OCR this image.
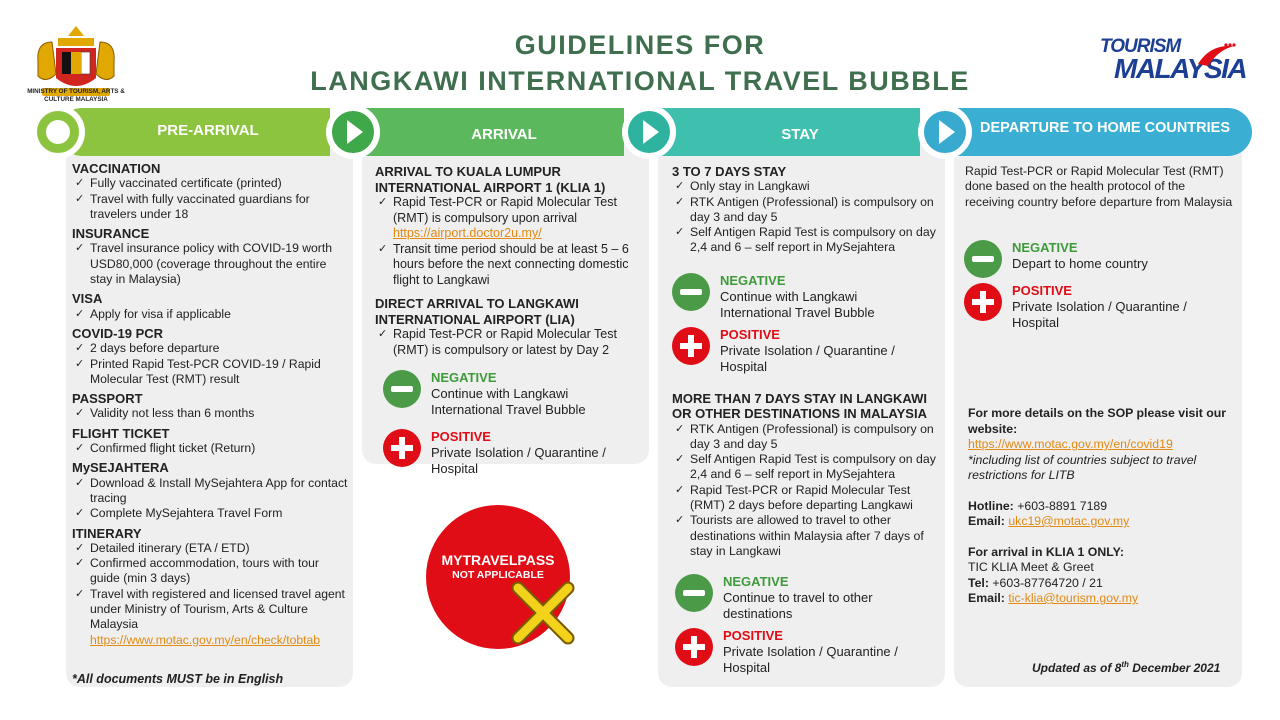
MINISTRY OF TOURISM, ARTS & CULTURE MALAYSIA
GUIDELINES FOR
LANGKAWI INTERNATIONAL TRAVEL BUBBLE
TOURISM
MALAYSIA
PRE-ARRIVAL	ARRIVAL	STAY	DEPARTURE TO HOME COUNTRIES
VACCINATION
✓ Fully vaccinated certificate (printed)
✓ Travel with fully vaccinated guardians for travelers under 18
INSURANCE
✓ Travel insurance policy with COVID-19 worth USD80,000 (coverage throughout the entire stay in Malaysia)
VISA
✓ Apply for visa if applicable
COVID-19 PCR
✓ 2 days before departure
✓ Printed Rapid Test-PCR COVID-19 / Rapid Molecular Test (RMT) result
PASSPORT
✓ Validity not less than 6 months
FLIGHT TICKET
✓ Confirmed flight ticket (Return)
MySEJAHTERA
✓ Download & Install MySejahtera App for contact tracing
✓ Complete MySejahtera Travel Form
ITINERARY
✓ Detailed itinerary (ETA / ETD)
✓ Confirmed accommodation, tours with tour guide (min 3 days)
✓ Travel with registered and licensed travel agent under Ministry of Tourism, Arts & Culture Malaysia
https://www.motac.gov.my/en/check/tobtab
*All documents MUST be in English
ARRIVAL TO KUALA LUMPUR INTERNATIONAL AIRPORT 1 (KLIA 1)
✓ Rapid Test-PCR or Rapid Molecular Test (RMT) is compulsory upon arrival
https://airport.doctor2u.my/
✓ Transit time period should be at least 5 – 6 hours before the next connecting domestic flight to Langkawi
DIRECT ARRIVAL TO LANGKAWI INTERNATIONAL AIRPORT (LIA)
✓ Rapid Test-PCR or Rapid Molecular Test (RMT) is compulsory or latest by Day 2
NEGATIVE
Continue with Langkawi International Travel Bubble
POSITIVE
Private Isolation / Quarantine / Hospital
MYTRAVELPASS
NOT APPLICABLE
3 TO 7 DAYS STAY
✓ Only stay in Langkawi
✓ RTK Antigen (Professional) is compulsory on day 3 and day 5
✓ Self Antigen Rapid Test is compulsory on day 2,4 and 6 – self report in MySejahtera
NEGATIVE
Continue with Langkawi International Travel Bubble
POSITIVE
Private Isolation / Quarantine / Hospital
MORE THAN 7 DAYS STAY IN LANGKAWI OR OTHER DESTINATIONS IN MALAYSIA
✓ RTK Antigen (Professional) is compulsory on day 3 and day 5
✓ Self Antigen Rapid Test is compulsory on day 2,4 and 6 – self report in MySejahtera
✓ Rapid Test-PCR or Rapid Molecular Test (RMT) 2 days before departing Langkawi
✓ Tourists are allowed to travel to other destinations within Malaysia after 7 days of stay in Langkawi
NEGATIVE
Continue to travel to other destinations
POSITIVE
Private Isolation / Quarantine / Hospital
Rapid Test-PCR or Rapid Molecular Test (RMT) done based on the health protocol of the receiving country before departure from Malaysia
NEGATIVE
Depart to home country
POSITIVE
Private Isolation / Quarantine / Hospital
For more details on the SOP please visit our website:
https://www.motac.gov.my/en/covid19
*including list of countries subject to travel restrictions for LITB
Hotline: +603-8891 7189
Email: ukc19@motac.gov.my
For arrival in KLIA 1 ONLY:
TIC KLIA Meet & Greet
Tel: +603-87764720 / 21
Email: tic-klia@tourism.gov.my
Updated as of 8th December 2021
